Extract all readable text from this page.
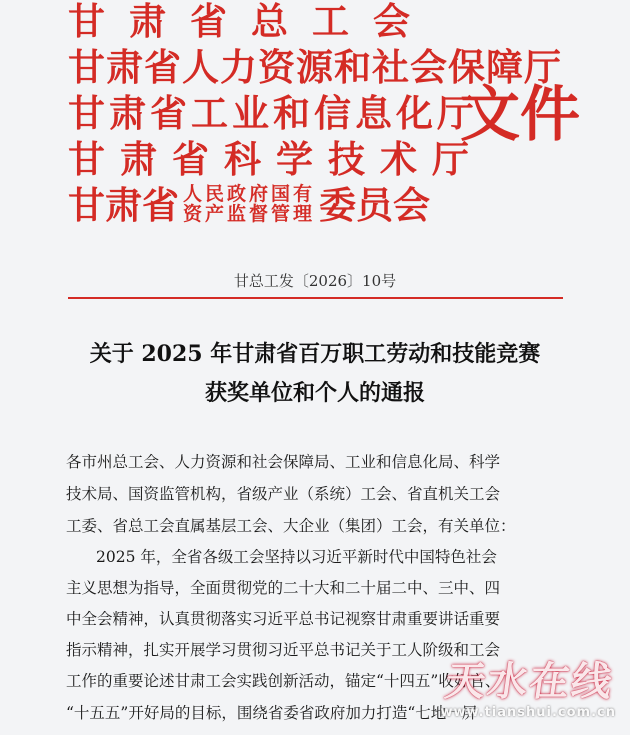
甘肃省总工会
甘肃省人力资源和社会保障厅
甘肃省工业和信息化厅
甘肃省科学技术厅
甘肃省 人民政府国有
资产监督管理 委员会
文件
甘总工发〔2026〕10号
关于 2025 年甘肃省百万职工劳动和技能竞赛
获奖单位和个人的通报
各市州总工会、人力资源和社会保障局、工业和信息化局、科学
技术局、国资监管机构，省级产业（系统）工会、省直机关工会
工委、省总工会直属基层工会、大企业（集团）工会，有关单位：
2025 年，全省各级工会坚持以习近平新时代中国特色社会
主义思想为指导，全面贯彻党的二十大和二十届二中、三中、四
中全会精神，认真贯彻落实习近平总书记视察甘肃重要讲话重要
指示精神，扎实开展学习贯彻习近平总书记关于工人阶级和工会
工作的重要论述甘肃工会实践创新活动，锚定“十四五”收好官、
“十五五”开好局的目标，围绕省委省政府加力打造“七地一屏
天水在线
www.tianshui.com.cn
